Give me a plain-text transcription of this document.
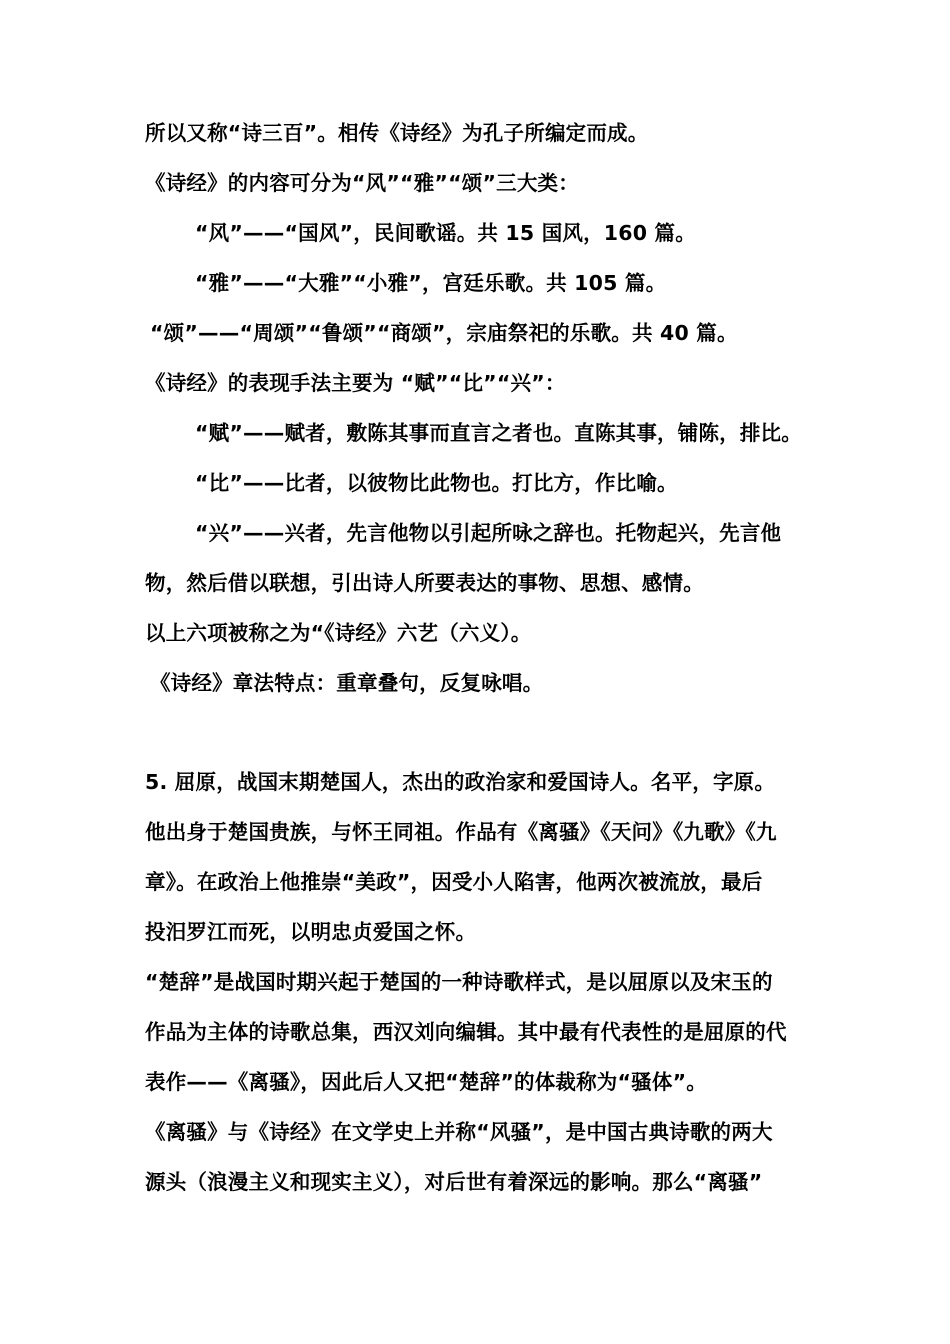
所以又称“诗三百”。相传《诗经》为孔子所编定而成。
《诗经》的内容可分为“风”“雅”“颂”三大类：
“风”——“国风”，民间歌谣。共 15 国风，160 篇。
“雅”——“大雅”“小雅”，宫廷乐歌。共 105 篇。
“颂”——“周颂”“鲁颂”“商颂”，宗庙祭祀的乐歌。共 40 篇。
《诗经》的表现手法主要为 “赋”“比”“兴”：
“赋”——赋者，敷陈其事而直言之者也。直陈其事，铺陈，排比。
“比”——比者，以彼物比此物也。打比方，作比喻。
“兴”——兴者，先言他物以引起所咏之辞也。托物起兴，先言他
物，然后借以联想，引出诗人所要表达的事物、思想、感情。
以上六项被称之为“《诗经》六艺（六义）。
《诗经》章法特点：重章叠句，反复咏唱。
5. 屈原，战国末期楚国人，杰出的政治家和爱国诗人。名平，字原。
他出身于楚国贵族，与怀王同祖。作品有《离骚》《天问》《九歌》《九
章》。在政治上他推崇“美政”，因受小人陷害，他两次被流放，最后
投汨罗江而死，以明忠贞爱国之怀。
“楚辞”是战国时期兴起于楚国的一种诗歌样式，是以屈原以及宋玉的
作品为主体的诗歌总集，西汉刘向编辑。其中最有代表性的是屈原的代
表作——《离骚》，因此后人又把“楚辞”的体裁称为“骚体”。
《离骚》与《诗经》在文学史上并称“风骚”，是中国古典诗歌的两大
源头（浪漫主义和现实主义），对后世有着深远的影响。那么“离骚”
